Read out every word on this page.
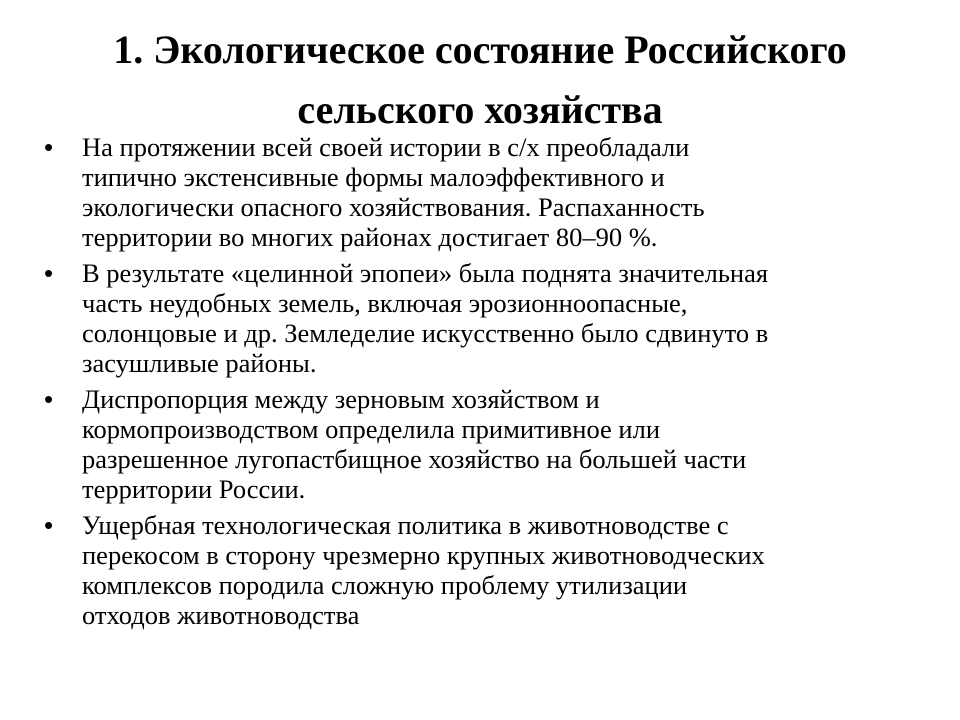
1. Экологическое состояние Российского
сельского хозяйства
• На протяжении всей своей истории в с/х преобладали
типично экстенсивные формы малоэффективного и
экологически опасного хозяйствования. Распаханность
территории во многих районах достигает 80–90 %.
• В результате «целинной эпопеи» была поднята значительная
часть неудобных земель, включая эрозионноопасные,
солонцовые и др. Земледелие искусственно было сдвинуто в
засушливые районы.
• Диспропорция между зерновым хозяйством и
кормопроизводством определила примитивное или
разрешенное лугопастбищное хозяйство на большей части
территории России.
• Ущербная технологическая политика в животноводстве с
перекосом в сторону чрезмерно крупных животноводческих
комплексов породила сложную проблему утилизации
отходов животноводства
